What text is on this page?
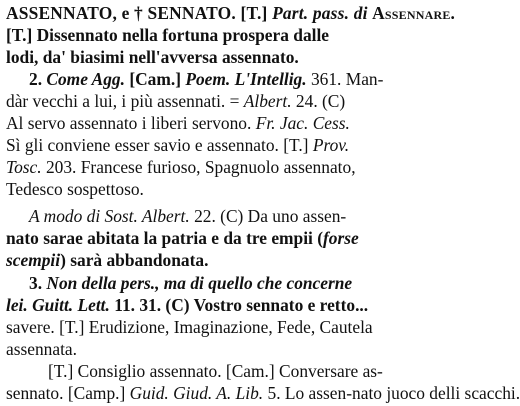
ASSENNATO, e † SENNATO. [T.] Part. pass. di Assennare.
[T.] Dissennato nella fortuna prospera dalle
lodi, da' biasimi nell'avversa assennato.
2. Come Agg. [Cam.] Poem. L'Intellig. 361. Man-
dàr vecchi a lui, i più assennati. = Albert. 24. (C)
Al servo assennato i liberi servono. Fr. Jac. Cess.
Sì gli conviene esser savio e assennato. [T.] Prov.
Tosc. 203. Francese furioso, Spagnuolo assennato,
Tedesco sospettoso.
A modo di Sost. Albert. 22. (C) Da uno assen-
nato sarae abitata la patria e da tre empii (forse
scempii) sarà abbandonata.
3. Non della pers., ma di quello che concerne
lei. Guitt. Lett. 11. 31. (C) Vostro sennato e retto...
savere. [T.] Erudizione, Imaginazione, Fede, Cautela
assennata.
[T.] Consiglio assennato. [Cam.] Conversare as-
sennato. [Camp.] Guid. Giud. A. Lib. 5. Lo assen-nato juoco delli scacchi.
